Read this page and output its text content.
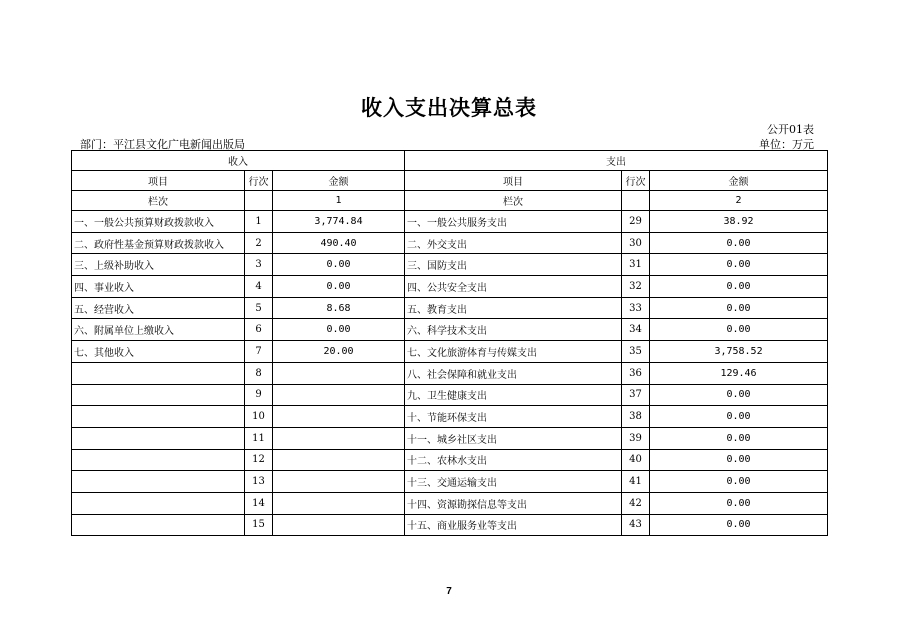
收入支出决算总表
公开01表
部门：平江县文化广电新闻出版局	单位：万元
收入			支出		
项目	行次	金额	项目	行次	金额
栏次		1	栏次		2
一、一般公共预算财政拨款收入	1	3,774.84	一、一般公共服务支出	29	38.92
二、政府性基金预算财政拨款收入	2	490.40	二、外交支出	30	0.00
三、上级补助收入	3	0.00	三、国防支出	31	0.00
四、事业收入	4	0.00	四、公共安全支出	32	0.00
五、经营收入	5	8.68	五、教育支出	33	0.00
六、附属单位上缴收入	6	0.00	六、科学技术支出	34	0.00
七、其他收入	7	20.00	七、文化旅游体育与传媒支出	35	3,758.52
	8		八、社会保障和就业支出	36	129.46
	9		九、卫生健康支出	37	0.00
	10		十、节能环保支出	38	0.00
	11		十一、城乡社区支出	39	0.00
	12		十二、农林水支出	40	0.00
	13		十三、交通运输支出	41	0.00
	14		十四、资源勘探信息等支出	42	0.00
	15		十五、商业服务业等支出	43	0.00
7
